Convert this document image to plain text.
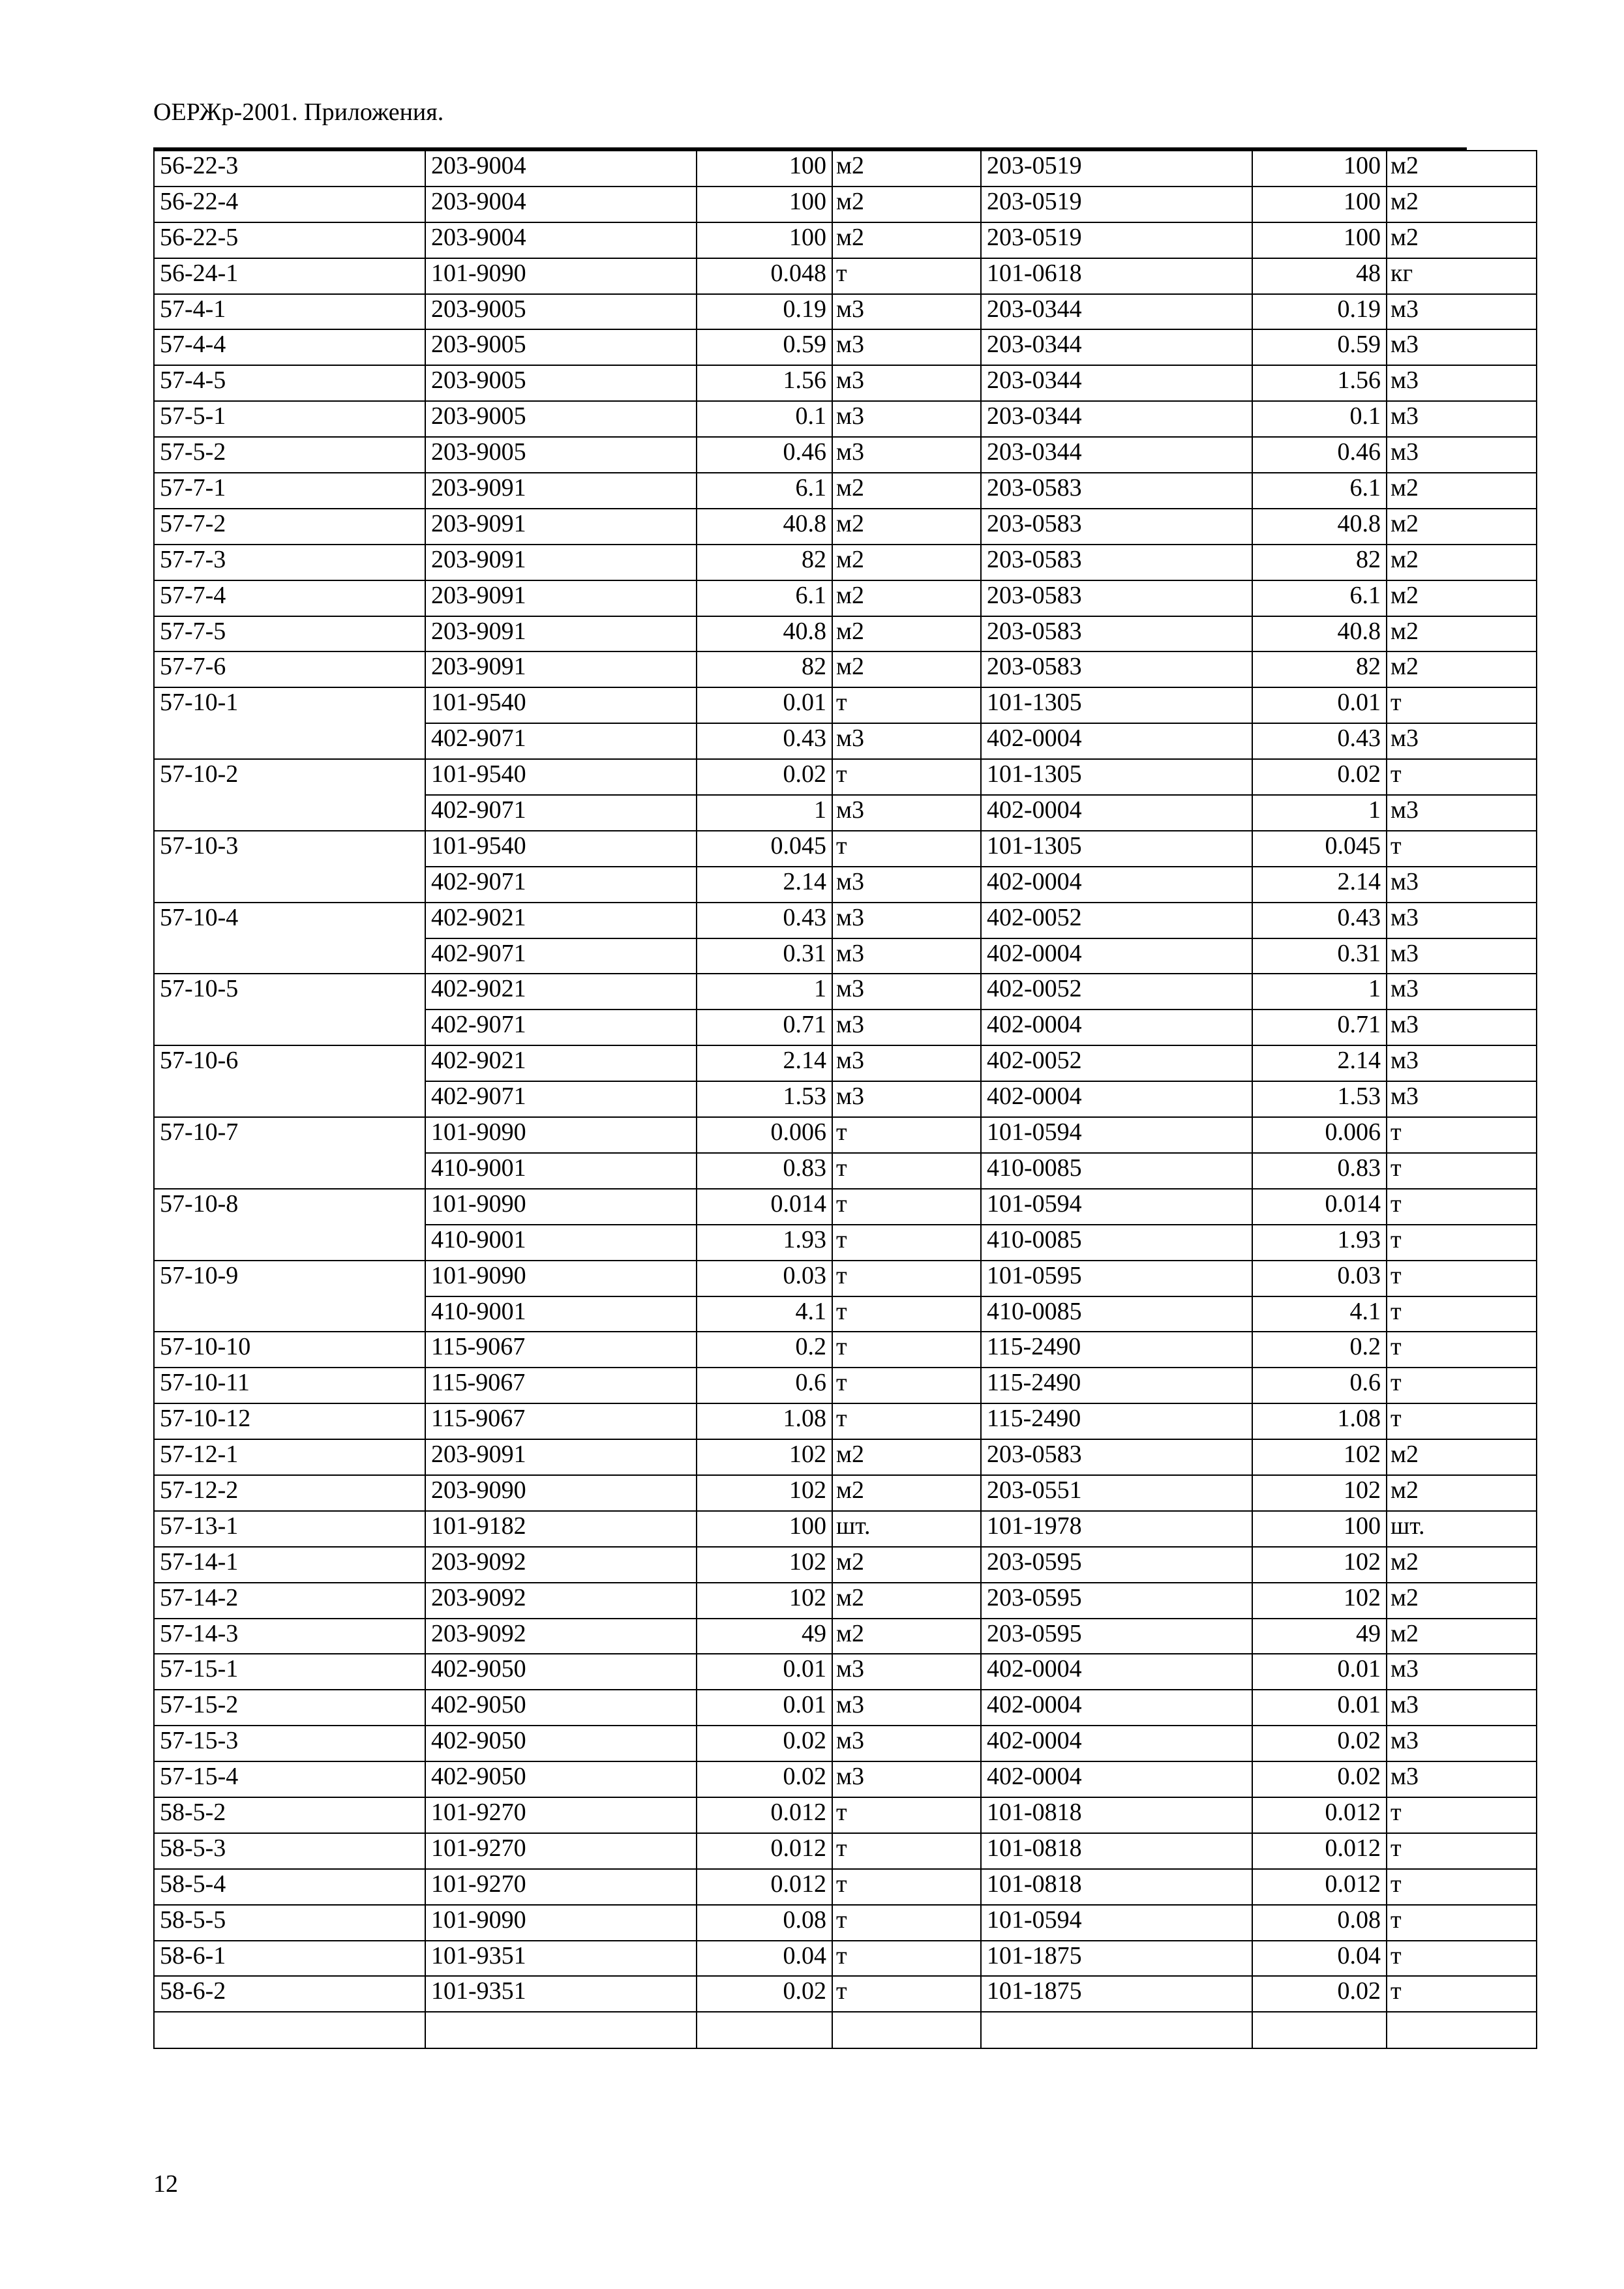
ОЕРЖр-2001. Приложения.
56-22-3	203-9004	100	м2	203-0519	100	м2
56-22-4	203-9004	100	м2	203-0519	100	м2
56-22-5	203-9004	100	м2	203-0519	100	м2
56-24-1	101-9090	0.048	т	101-0618	48	кг
57-4-1	203-9005	0.19	м3	203-0344	0.19	м3
57-4-4	203-9005	0.59	м3	203-0344	0.59	м3
57-4-5	203-9005	1.56	м3	203-0344	1.56	м3
57-5-1	203-9005	0.1	м3	203-0344	0.1	м3
57-5-2	203-9005	0.46	м3	203-0344	0.46	м3
57-7-1	203-9091	6.1	м2	203-0583	6.1	м2
57-7-2	203-9091	40.8	м2	203-0583	40.8	м2
57-7-3	203-9091	82	м2	203-0583	82	м2
57-7-4	203-9091	6.1	м2	203-0583	6.1	м2
57-7-5	203-9091	40.8	м2	203-0583	40.8	м2
57-7-6	203-9091	82	м2	203-0583	82	м2
57-10-1	101-9540	0.01	т	101-1305	0.01	т
	402-9071	0.43	м3	402-0004	0.43	м3
57-10-2	101-9540	0.02	т	101-1305	0.02	т
	402-9071	1	м3	402-0004	1	м3
57-10-3	101-9540	0.045	т	101-1305	0.045	т
	402-9071	2.14	м3	402-0004	2.14	м3
57-10-4	402-9021	0.43	м3	402-0052	0.43	м3
	402-9071	0.31	м3	402-0004	0.31	м3
57-10-5	402-9021	1	м3	402-0052	1	м3
	402-9071	0.71	м3	402-0004	0.71	м3
57-10-6	402-9021	2.14	м3	402-0052	2.14	м3
	402-9071	1.53	м3	402-0004	1.53	м3
57-10-7	101-9090	0.006	т	101-0594	0.006	т
	410-9001	0.83	т	410-0085	0.83	т
57-10-8	101-9090	0.014	т	101-0594	0.014	т
	410-9001	1.93	т	410-0085	1.93	т
57-10-9	101-9090	0.03	т	101-0595	0.03	т
	410-9001	4.1	т	410-0085	4.1	т
57-10-10	115-9067	0.2	т	115-2490	0.2	т
57-10-11	115-9067	0.6	т	115-2490	0.6	т
57-10-12	115-9067	1.08	т	115-2490	1.08	т
57-12-1	203-9091	102	м2	203-0583	102	м2
57-12-2	203-9090	102	м2	203-0551	102	м2
57-13-1	101-9182	100	шт.	101-1978	100	шт.
57-14-1	203-9092	102	м2	203-0595	102	м2
57-14-2	203-9092	102	м2	203-0595	102	м2
57-14-3	203-9092	49	м2	203-0595	49	м2
57-15-1	402-9050	0.01	м3	402-0004	0.01	м3
57-15-2	402-9050	0.01	м3	402-0004	0.01	м3
57-15-3	402-9050	0.02	м3	402-0004	0.02	м3
57-15-4	402-9050	0.02	м3	402-0004	0.02	м3
58-5-2	101-9270	0.012	т	101-0818	0.012	т
58-5-3	101-9270	0.012	т	101-0818	0.012	т
58-5-4	101-9270	0.012	т	101-0818	0.012	т
58-5-5	101-9090	0.08	т	101-0594	0.08	т
58-6-1	101-9351	0.04	т	101-1875	0.04	т
58-6-2	101-9351	0.02	т	101-1875	0.02	т

12
